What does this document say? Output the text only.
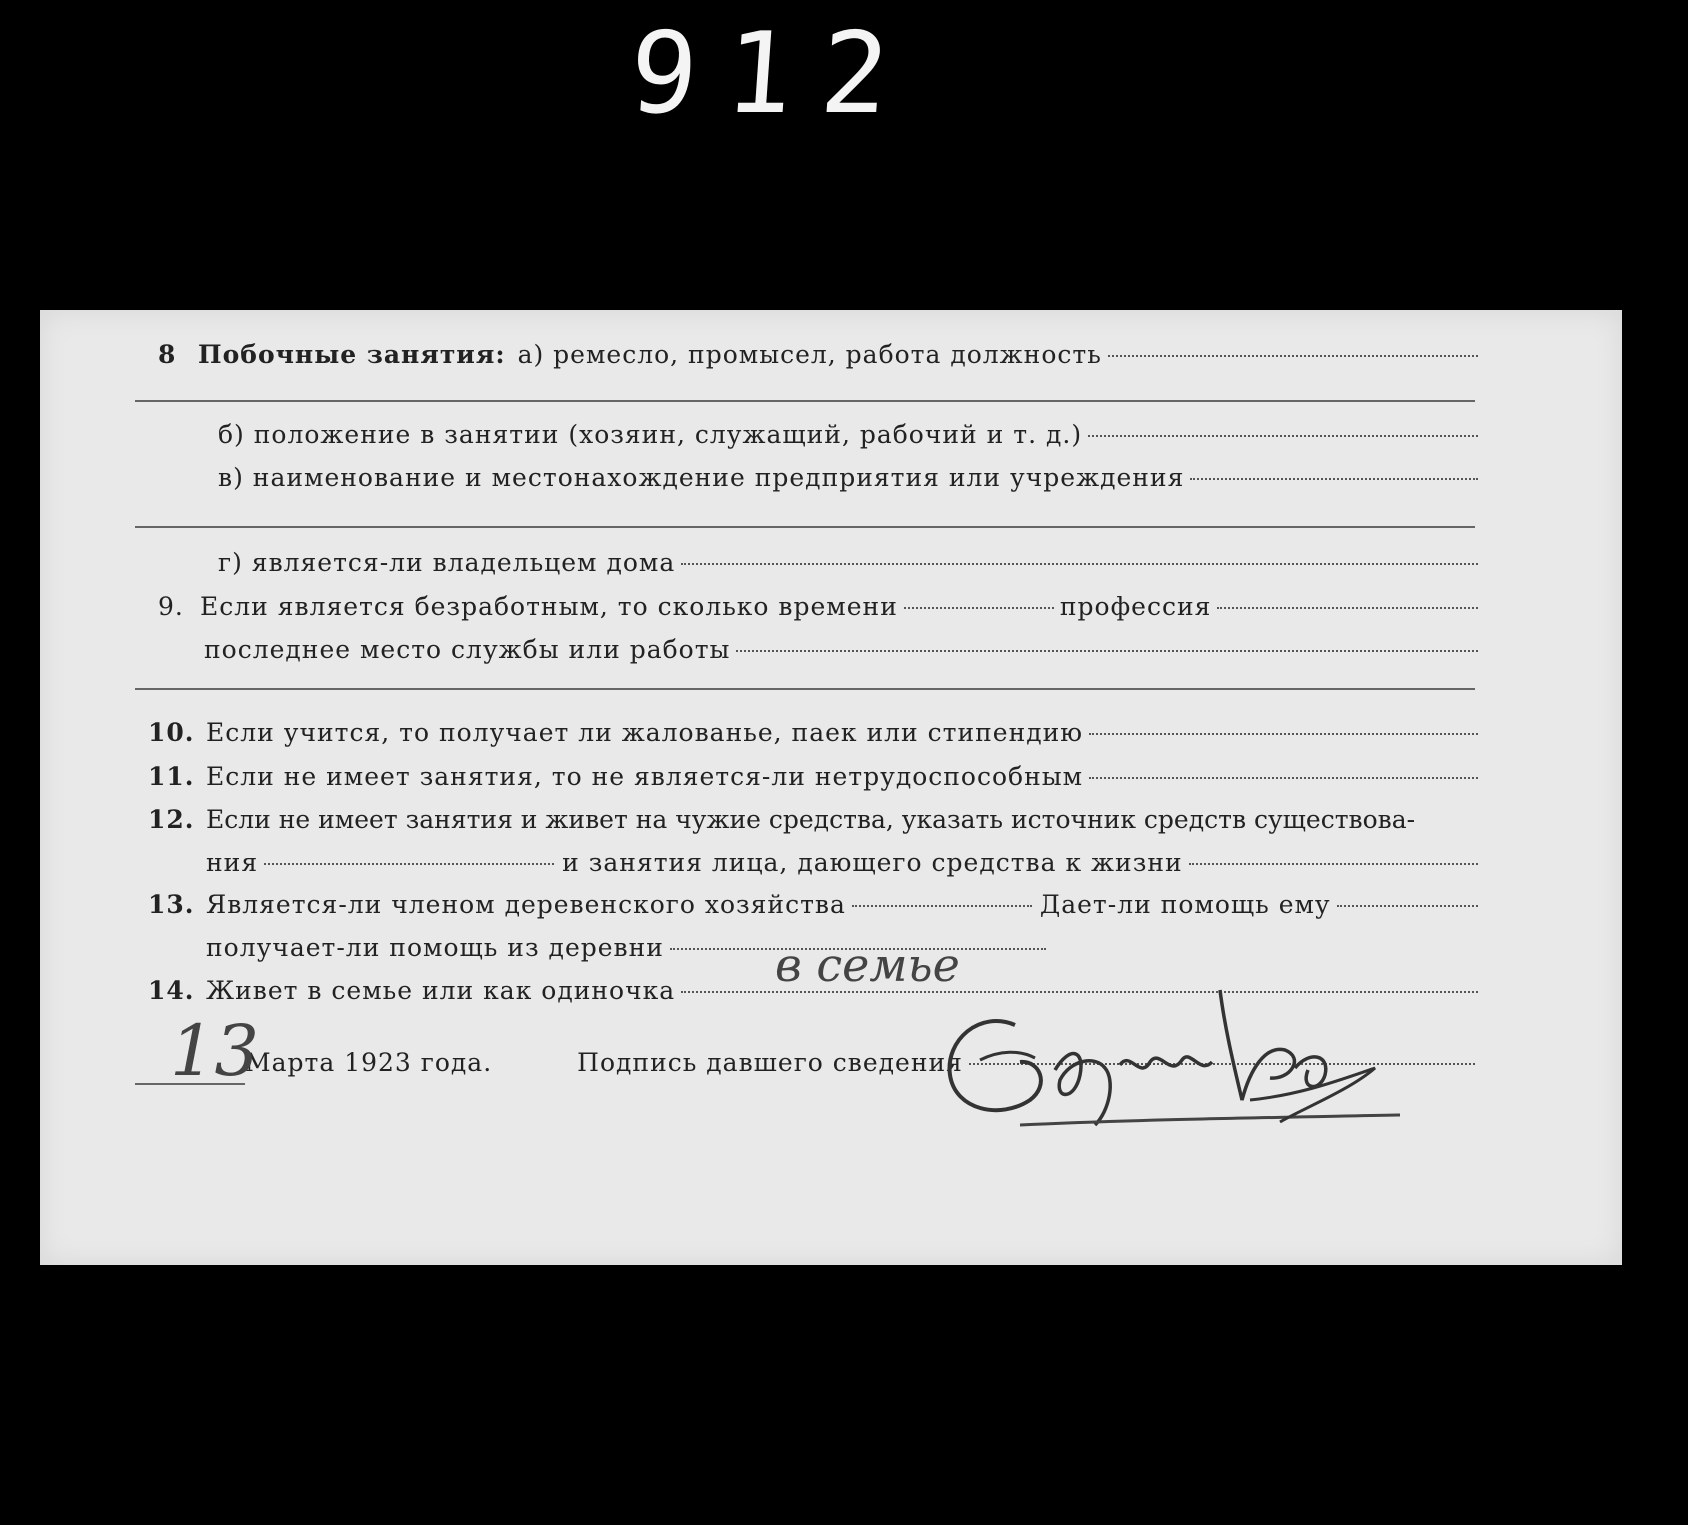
912
8 Побочные занятия: а) ремесло, промысел, работа должность
б) положение в занятии (хозяин, служащий, рабочий и т. д.)
в) наименование и местонахождение предприятия или учреждения
г) является-ли владельцем дома
9. Если является безработным, то сколько времени	профессия
последнее место службы или работы
10. Если учится, то получает ли жалованье, паек или стипендию
11. Если не имеет занятия, то не является-ли нетрудоспособным
12. Если не имеет занятия и живет на чужие средства, указать источник средств существова-
ния	и занятия лица, дающего средства к жизни
13. Является-ли членом деревенского хозяйства	Дает-ли помощь ему
получает-ли помощь из деревни
14. Живет в семье или как одиночка в семье
Марта 1923 года.	Подпись давшего сведения
13
